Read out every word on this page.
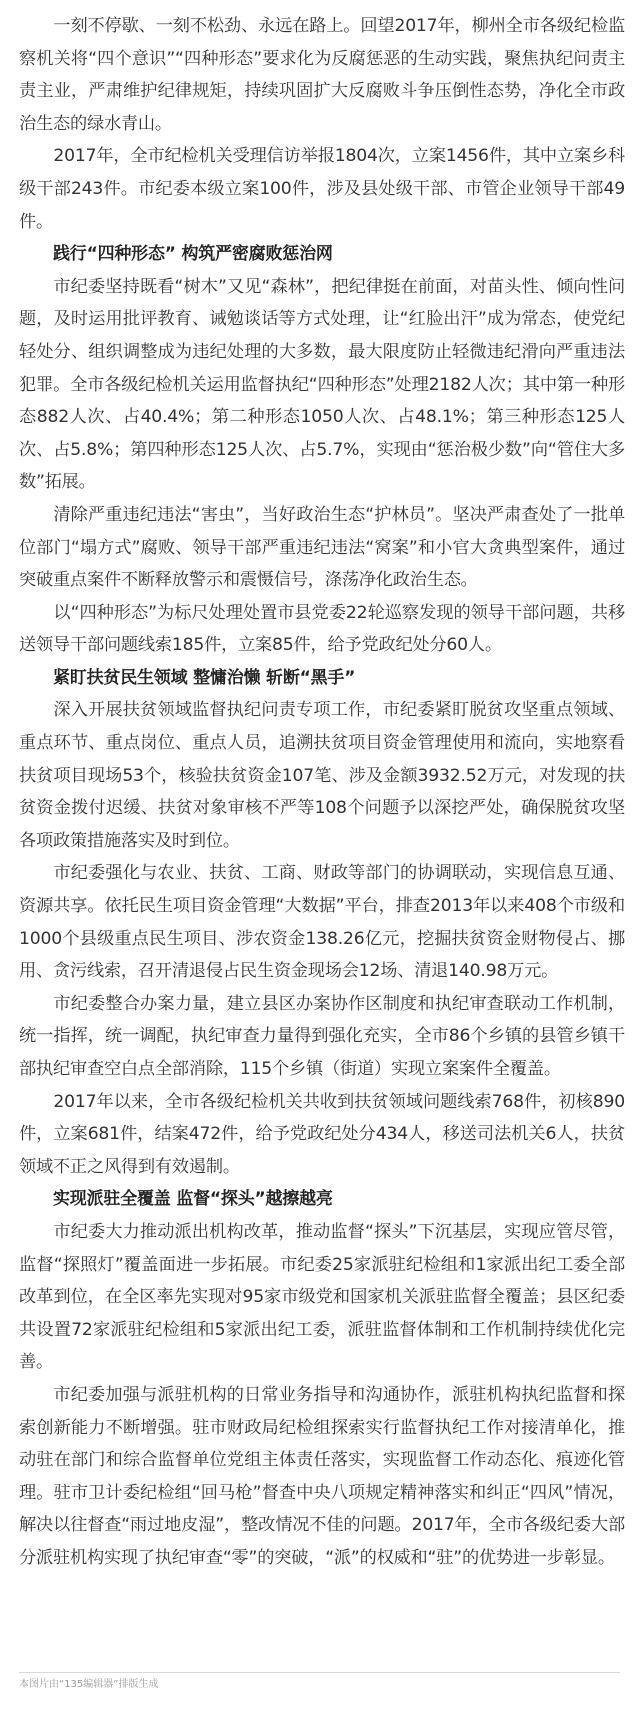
一刻不停歇、一刻不松劲、永远在路上。回望2017年，柳州全市各级纪检监察机关将“四个意识”“四种形态”要求化为反腐惩恶的生动实践，聚焦执纪问责主责主业，严肃维护纪律规矩，持续巩固扩大反腐败斗争压倒性态势，净化全市政治生态的绿水青山。

2017年，全市纪检机关受理信访举报1804次，立案1456件，其中立案乡科级干部243件。市纪委本级立案100件，涉及县处级干部、市管企业领导干部49件。

践行“四种形态” 构筑严密腐败惩治网

市纪委坚持既看“树木”又见“森林”，把纪律挺在前面，对苗头性、倾向性问题，及时运用批评教育、诫勉谈话等方式处理，让“红脸出汗”成为常态，使党纪轻处分、组织调整成为违纪处理的大多数，最大限度防止轻微违纪滑向严重违法犯罪。全市各级纪检机关运用监督执纪“四种形态”处理2182人次；其中第一种形态882人次、占40.4%；第二种形态1050人次、占48.1%；第三种形态125人次、占5.8%；第四种形态125人次、占5.7%，实现由“惩治极少数”向“管住大多数”拓展。

清除严重违纪违法“害虫”，当好政治生态“护林员”。坚决严肃查处了一批单位部门“塌方式”腐败、领导干部严重违纪违法“窝案”和小官大贪典型案件，通过突破重点案件不断释放警示和震慑信号，涤荡净化政治生态。

以“四种形态”为标尺处理处置市县党委22轮巡察发现的领导干部问题，共移送领导干部问题线索185件，立案85件，给予党政纪处分60人。

紧盯扶贫民生领域 整慵治懒 斩断“黑手”

深入开展扶贫领域监督执纪问责专项工作，市纪委紧盯脱贫攻坚重点领域、重点环节、重点岗位、重点人员，追溯扶贫项目资金管理使用和流向，实地察看扶贫项目现场53个，核验扶贫资金107笔、涉及金额3932.52万元，对发现的扶贫资金拨付迟缓、扶贫对象审核不严等108个问题予以深挖严处，确保脱贫攻坚各项政策措施落实及时到位。

市纪委强化与农业、扶贫、工商、财政等部门的协调联动，实现信息互通、资源共享。依托民生项目资金管理“大数据”平台，排查2013年以来408个市级和1000个县级重点民生项目、涉农资金138.26亿元，挖掘扶贫资金财物侵占、挪用、贪污线索，召开清退侵占民生资金现场会12场、清退140.98万元。

市纪委整合办案力量，建立县区办案协作区制度和执纪审查联动工作机制，统一指挥，统一调配，执纪审查力量得到强化充实，全市86个乡镇的县管乡镇干部执纪审查空白点全部消除，115个乡镇（街道）实现立案案件全覆盖。

2017年以来，全市各级纪检机关共收到扶贫领域问题线索768件，初核890件，立案681件，结案472件，给予党政纪处分434人，移送司法机关6人，扶贫领域不正之风得到有效遏制。

实现派驻全覆盖 监督“探头”越擦越亮

市纪委大力推动派出机构改革，推动监督“探头”下沉基层，实现应管尽管，监督“探照灯”覆盖面进一步拓展。市纪委25家派驻纪检组和1家派出纪工委全部改革到位，在全区率先实现对95家市级党和国家机关派驻监督全覆盖；县区纪委共设置72家派驻纪检组和5家派出纪工委，派驻监督体制和工作机制持续优化完善。

市纪委加强与派驻机构的日常业务指导和沟通协作，派驻机构执纪监督和探索创新能力不断增强。驻市财政局纪检组探索实行监督执纪工作对接清单化，推动驻在部门和综合监督单位党组主体责任落实，实现监督工作动态化、痕迹化管理。驻市卫计委纪检组“回马枪”督查中央八项规定精神落实和纠正“四风”情况，解决以往督查“雨过地皮湿”，整改情况不佳的问题。2017年，全市各级纪委大部分派驻机构实现了执纪审查“零”的突破，“派”的权威和“驻”的优势进一步彰显。

本图片由“135编辑器”排版生成
